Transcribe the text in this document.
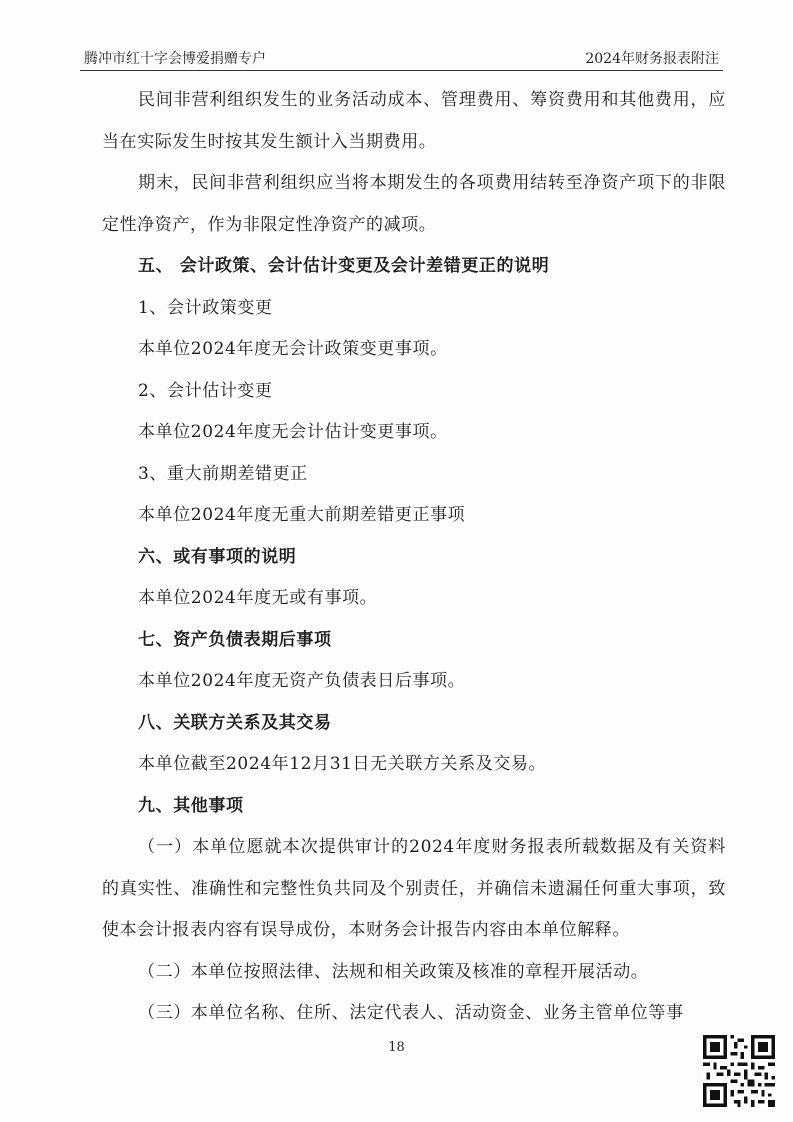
腾冲市红十字会博爱捐赠专户	2024年财务报表附注

民间非营利组织发生的业务活动成本、管理费用、筹资费用和其他费用，应当在实际发生时按其发生额计入当期费用。

期末，民间非营利组织应当将本期发生的各项费用结转至净资产项下的非限定性净资产，作为非限定性净资产的减项。

五、 会计政策、会计估计变更及会计差错更正的说明

1、会计政策变更

本单位2024年度无会计政策变更事项。

2、会计估计变更

本单位2024年度无会计估计变更事项。

3、重大前期差错更正

本单位2024年度无重大前期差错更正事项

六、或有事项的说明

本单位2024年度无或有事项。

七、资产负债表期后事项

本单位2024年度无资产负债表日后事项。

八、关联方关系及其交易

本单位截至2024年12月31日无关联方关系及交易。

九、其他事项

（一）本单位愿就本次提供审计的2024年度财务报表所载数据及有关资料的真实性、准确性和完整性负共同及个别责任，并确信未遗漏任何重大事项，致使本会计报表内容有误导成份，本财务会计报告内容由本单位解释。

（二）本单位按照法律、法规和相关政策及核准的章程开展活动。

（三）本单位名称、住所、法定代表人、活动资金、业务主管单位等事

18
